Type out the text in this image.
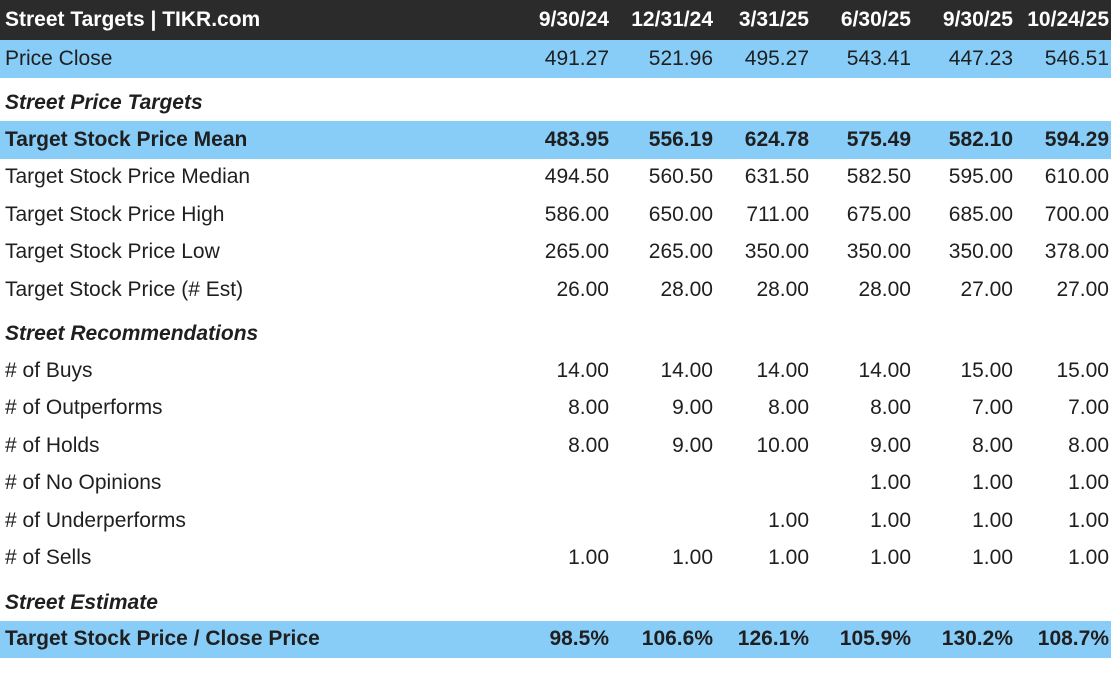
Street Targets | TIKR.com	9/30/24	12/31/24	3/31/25	6/30/25	9/30/25	10/24/25
Price Close	491.27	521.96	495.27	543.41	447.23	546.51
Street Price Targets						
Target Stock Price Mean	483.95	556.19	624.78	575.49	582.10	594.29
Target Stock Price Median	494.50	560.50	631.50	582.50	595.00	610.00
Target Stock Price High	586.00	650.00	711.00	675.00	685.00	700.00
Target Stock Price Low	265.00	265.00	350.00	350.00	350.00	378.00
Target Stock Price (# Est)	26.00	28.00	28.00	28.00	27.00	27.00
Street Recommendations						
# of Buys	14.00	14.00	14.00	14.00	15.00	15.00
# of Outperforms	8.00	9.00	8.00	8.00	7.00	7.00
# of Holds	8.00	9.00	10.00	9.00	8.00	8.00
# of No Opinions				1.00	1.00	1.00
# of Underperforms			1.00	1.00	1.00	1.00
# of Sells	1.00	1.00	1.00	1.00	1.00	1.00
Street Estimate						
Target Stock Price / Close Price	98.5%	106.6%	126.1%	105.9%	130.2%	108.7%
